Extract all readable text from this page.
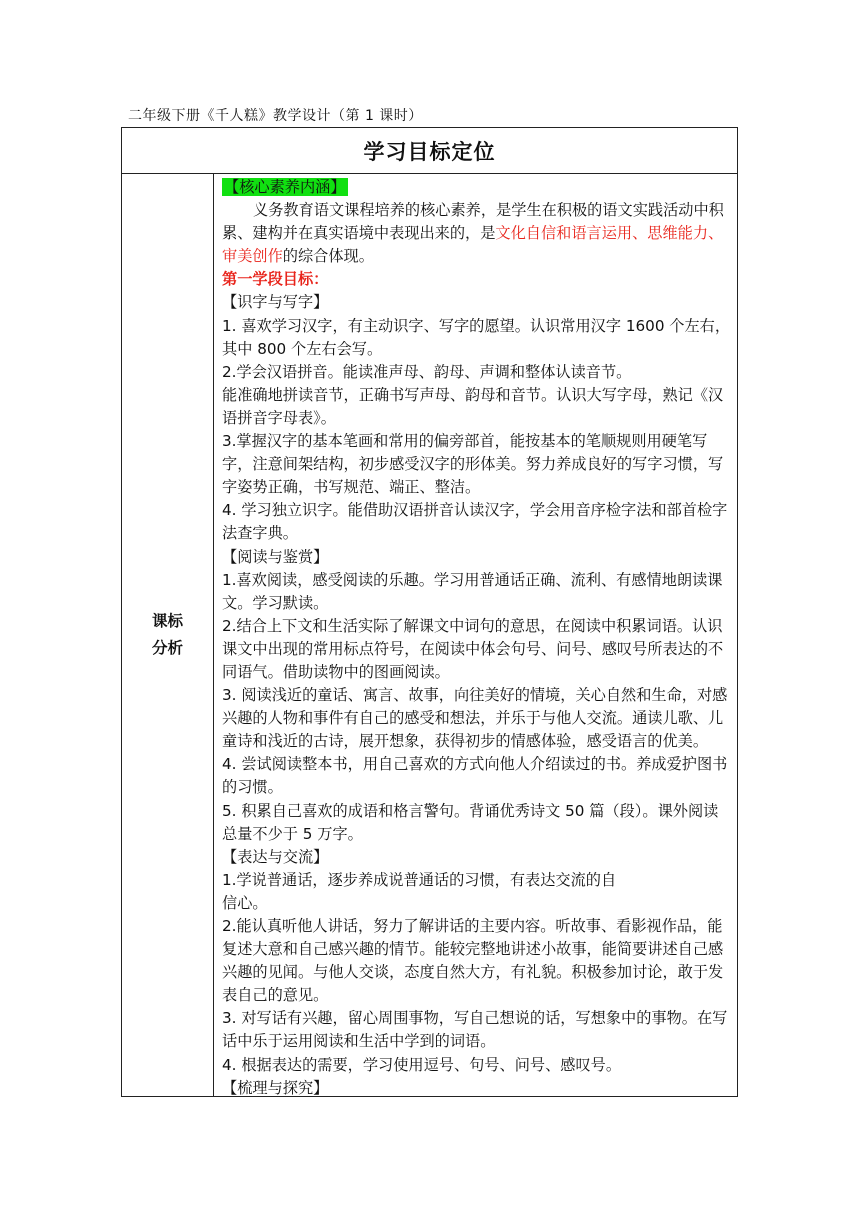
二年级下册《千人糕》教学设计（第 1 课时）
学习目标定位
课标
分析

【核心素养内涵】

义务教育语文课程培养的核心素养，是学生在积极的语文实践活动中积累、建构并在真实语境中表现出来的，是文化自信和语言运用、思维能力、审美创作的综合体现。

第一学段目标：

【识字与写字】

1. 喜欢学习汉字，有主动识字、写字的愿望。认识常用汉字 1600 个左右，其中 800 个左右会写。

2.学会汉语拼音。能读准声母、韵母、声调和整体认读音节。

能准确地拼读音节，正确书写声母、韵母和音节。认识大写字母，熟记《汉语拼音字母表》。

3.掌握汉字的基本笔画和常用的偏旁部首，能按基本的笔顺规则用硬笔写字，注意间架结构，初步感受汉字的形体美。努力养成良好的写字习惯，写字姿势正确，书写规范、端正、整洁。

4. 学习独立识字。能借助汉语拼音认读汉字，学会用音序检字法和部首检字法查字典。

【阅读与鉴赏】

1.喜欢阅读，感受阅读的乐趣。学习用普通话正确、流利、有感情地朗读课文。学习默读。

2.结合上下文和生活实际了解课文中词句的意思，在阅读中积累词语。认识课文中出现的常用标点符号，在阅读中体会句号、问号、感叹号所表达的不同语气。借助读物中的图画阅读。

3. 阅读浅近的童话、寓言、故事，向往美好的情境，关心自然和生命，对感兴趣的人物和事件有自己的感受和想法，并乐于与他人交流。通读儿歌、儿童诗和浅近的古诗，展开想象，获得初步的情感体验，感受语言的优美。

4. 尝试阅读整本书，用自己喜欢的方式向他人介绍读过的书。养成爱护图书的习惯。

5. 积累自己喜欢的成语和格言警句。背诵优秀诗文 50 篇（段）。课外阅读总量不少于 5 万字。

【表达与交流】

1.学说普通话，逐步养成说普通话的习惯，有表达交流的自

信心。

2.能认真听他人讲话，努力了解讲话的主要内容。听故事、看影视作品，能复述大意和自己感兴趣的情节。能较完整地讲述小故事，能简要讲述自己感兴趣的见闻。与他人交谈，态度自然大方，有礼貌。积极参加讨论，敢于发表自己的意见。

3. 对写话有兴趣，留心周围事物，写自己想说的话，写想象中的事物。在写话中乐于运用阅读和生活中学到的词语。

4. 根据表达的需要，学习使用逗号、句号、问号、感叹号。

【梳理与探究】
